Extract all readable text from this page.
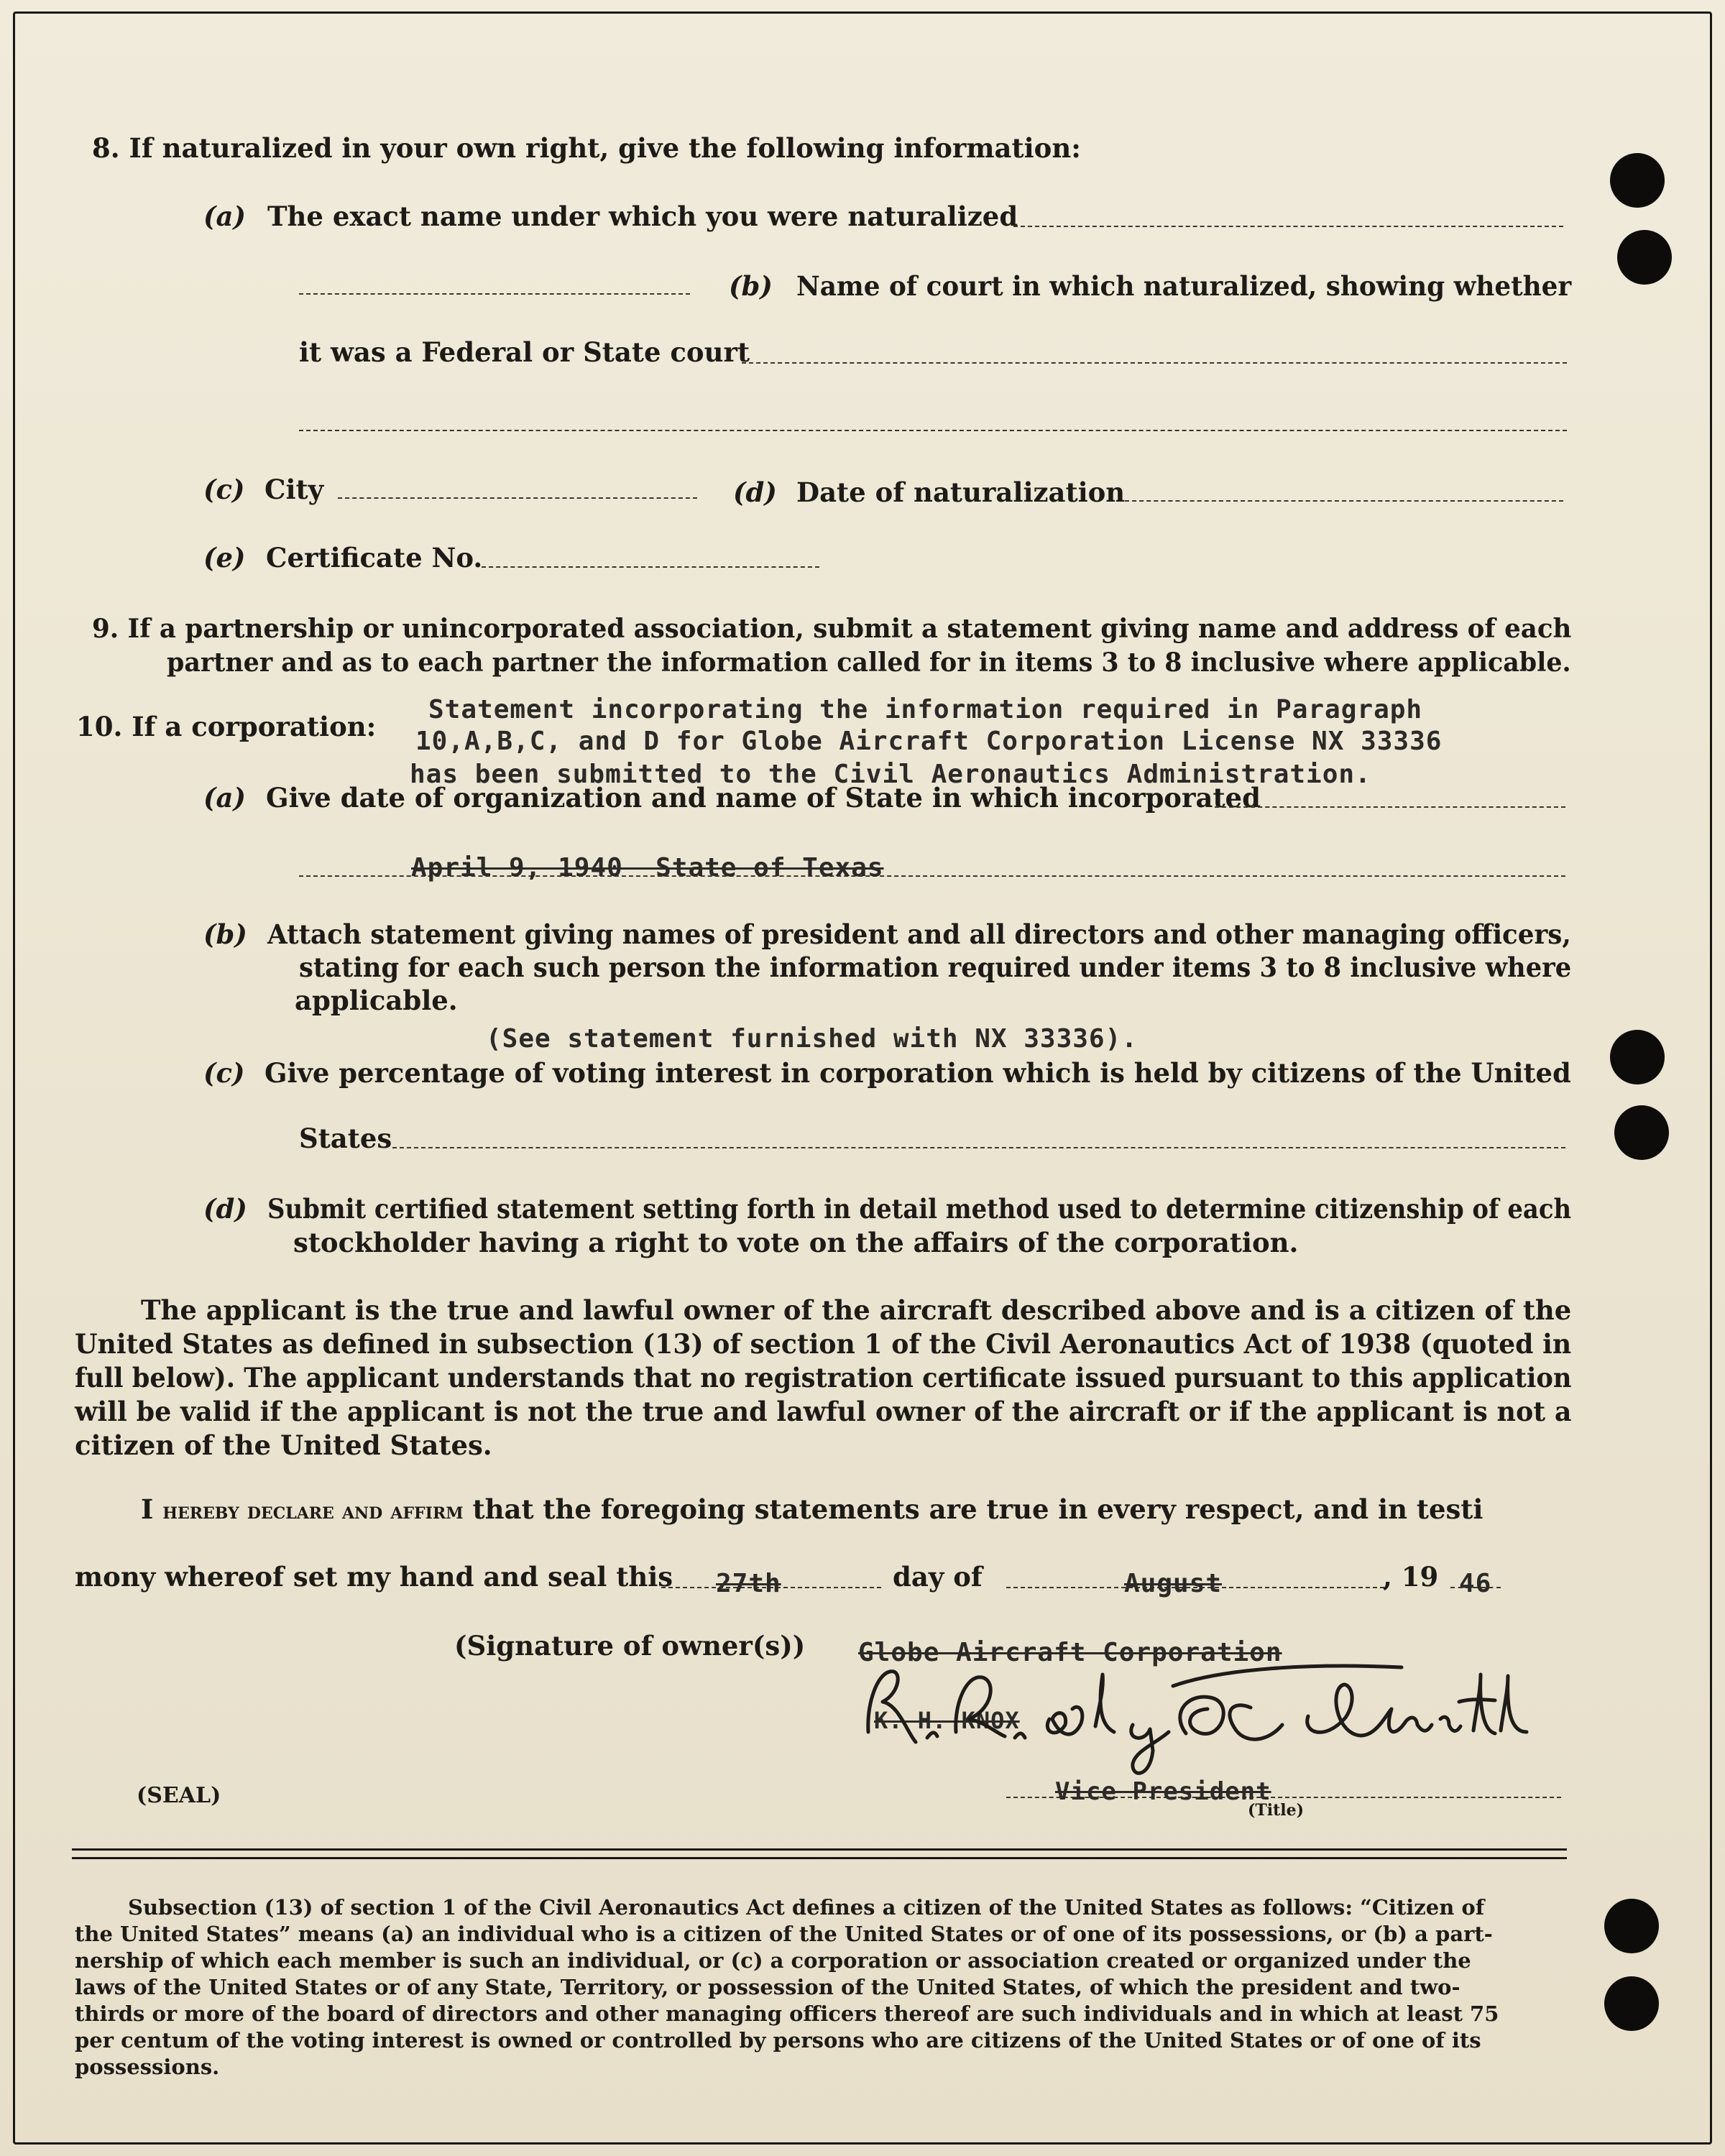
8. If naturalized in your own right, give the following information:
(a) The exact name under which you were naturalized
(b) Name of court in which naturalized, showing whether
it was a Federal or State court
(c) City	(d) Date of naturalization
(e) Certificate No.
9. If a partnership or unincorporated association, submit a statement giving name and address of each
partner and as to each partner the information called for in items 3 to 8 inclusive where applicable.
10. If a corporation:
Statement incorporating the information required in Paragraph
10,A,B,C, and D for Globe Aircraft Corporation License NX 33336
has been submitted to the Civil Aeronautics Administration.
(a) Give date of organization and name of State in which incorporated
April 9, 1940  State of Texas
(b) Attach statement giving names of president and all directors and other managing officers,
stating for each such person the information required under items 3 to 8 inclusive where
applicable.
(See statement furnished with NX 33336).
(c) Give percentage of voting interest in corporation which is held by citizens of the United
States
(d) Submit certified statement setting forth in detail method used to determine citizenship of each
stockholder having a right to vote on the affairs of the corporation.
The applicant is the true and lawful owner of the aircraft described above and is a citizen of the
United States as defined in subsection (13) of section 1 of the Civil Aeronautics Act of 1938 (quoted in
full below). The applicant understands that no registration certificate issued pursuant to this application
will be valid if the applicant is not the true and lawful owner of the aircraft or if the applicant is not a
citizen of the United States.
I hereby declare and affirm that the foregoing statements are true in every respect, and in testi
mony whereof set my hand and seal this 27th	day of	August	, 19 46
(Signature of owner(s)) Globe Aircraft Corporation
K. H. KNOX
(SEAL)	Vice President
(Title)
Subsection (13) of section 1 of the Civil Aeronautics Act defines a citizen of the United States as follows: “Citizen of
the United States” means (a) an individual who is a citizen of the United States or of one of its possessions, or (b) a part-
nership of which each member is such an individual, or (c) a corporation or association created or organized under the
laws of the United States or of any State, Territory, or possession of the United States, of which the president and two-
thirds or more of the board of directors and other managing officers thereof are such individuals and in which at least 75
per centum of the voting interest is owned or controlled by persons who are citizens of the United States or of one of its
possessions.
